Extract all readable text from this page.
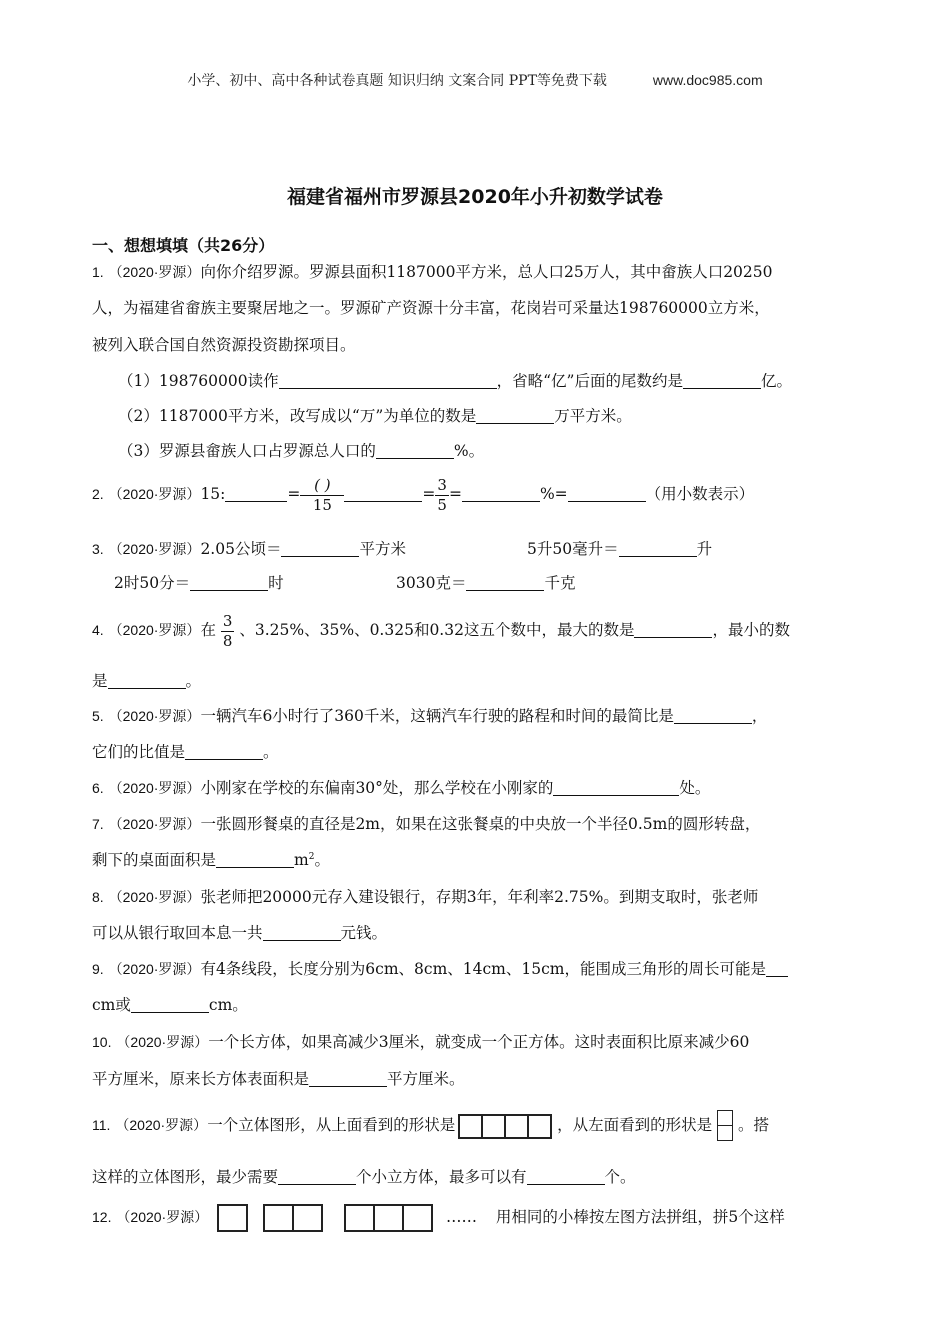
小学、初中、高中各种试卷真题 知识归纳 文案合同 PPT等免费下载	www.doc985.com
福建省福州市罗源县2020年小升初数学试卷
一、想想填填（共26分）
1. （2020·罗源）向你介绍罗源。罗源县面积1187000平方米，总人口25万人，其中畲族人口20250
人，为福建省畲族主要聚居地之一。罗源矿产资源十分丰富，花岗岩可采量达198760000立方米，
被列入联合国自然资源投资勘探项目。
（1）198760000读作	，省略“亿”后面的尾数约是	亿。
（2）1187000平方米，改写成以“万”为单位的数是	万平方米。
（3）罗源县畲族人口占罗源总人口的	%。
2. （2020·罗源）15:	= $\frac{( )}{15}$	= $\frac{3}{5}$ =	%=	（用小数表示）
3. （2020·罗源）2.05公顷＝	平方米	5升50毫升＝	升
2时50分＝	时	3030克＝	千克
4. （2020·罗源）在 $\frac{3}{8}$ 、3.25%、35%、0.325和0.32这五个数中，最大的数是	，最小的数
是	。
5. （2020·罗源）一辆汽车6小时行了360千米，这辆汽车行驶的路程和时间的最简比是	，
它们的比值是	。
6. （2020·罗源）小刚家在学校的东偏南30°处，那么学校在小刚家的	处。
7. （2020·罗源）一张圆形餐桌的直径是2m，如果在这张餐桌的中央放一个半径0.5m的圆形转盘，
剩下的桌面面积是	$m^2$。
8. （2020·罗源）张老师把20000元存入建设银行，存期3年，年利率2.75%。到期支取时，张老师
可以从银行取回本息一共	元钱。
9. （2020·罗源）有4条线段，长度分别为6cm、8cm、14cm、15cm，能围成三角形的周长可能是
cm或	cm。
10. （2020·罗源）一个长方体，如果高减少3厘米，就变成一个正方体。这时表面积比原来减少60
平方厘米，原来长方体表面积是	平方厘米。
11. （2020·罗源）一个立体图形，从上面看到的形状是	，从左面看到的形状是 。搭
这样的立体图形，最少需要	个小立方体，最多可以有	个。
12. （2020·罗源）

	…… 用相同的小棒按左图方法拼组，拼5个这样
